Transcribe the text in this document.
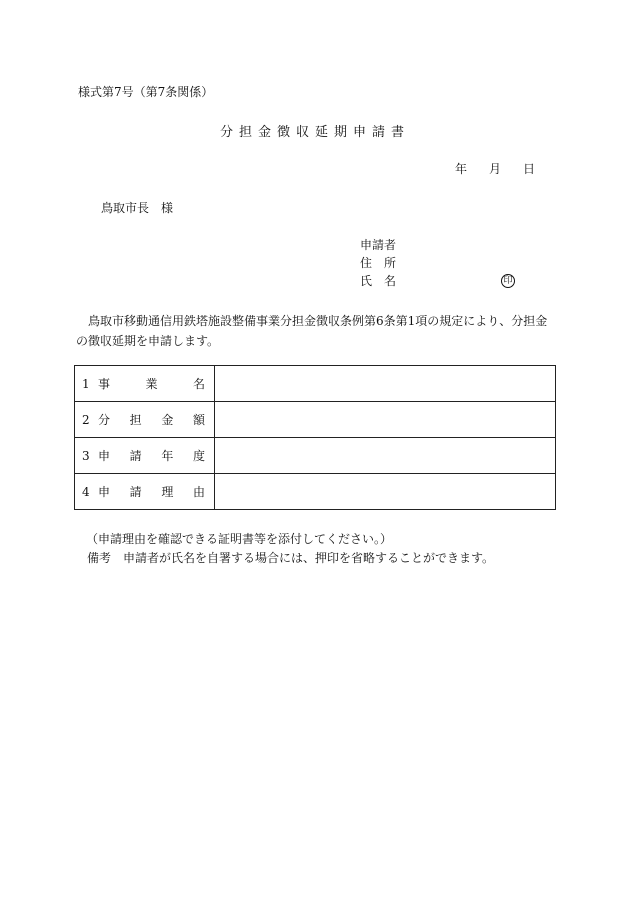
様式第7号（第7条関係）
分担金徴収延期申請書
年 月 日
鳥取市長　様
申請者
住　所
氏　名	印
鳥取市移動通信用鉄塔施設整備事業分担金徴収条例第6条第1項の規定により、分担金の徴収延期を申請します。
1 事 業 名	

2 分 担 金 額	

3 申 請 年 度	

4 申 請 理 由	

（申請理由を確認できる証明書等を添付してください。）
備考 申請者が氏名を自署する場合には、押印を省略することができます。
